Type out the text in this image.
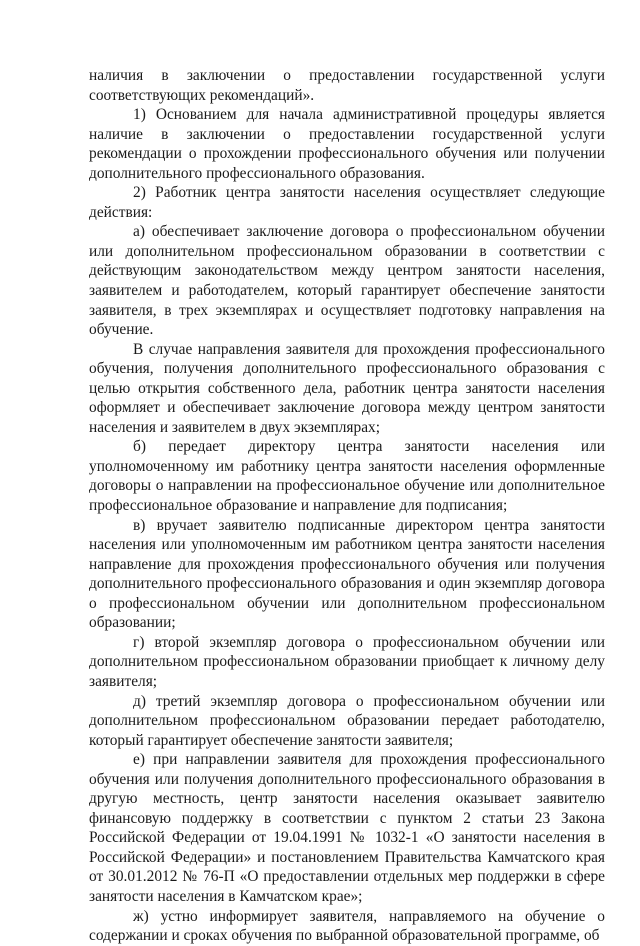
наличия в заключении о предоставлении государственной услуги соответствующих рекомендаций».

1) Основанием для начала административной процедуры является наличие в заключении о предоставлении государственной услуги рекомендации о прохождении профессионального обучения или получении дополнительного профессионального образования.

2) Работник центра занятости населения осуществляет следующие действия:

а) обеспечивает заключение договора о профессиональном обучении или дополнительном профессиональном образовании в соответствии с действующим законодательством между центром занятости населения, заявителем и работодателем, который гарантирует обеспечение занятости заявителя, в трех экземплярах и осуществляет подготовку направления на обучение.

В случае направления заявителя для прохождения профессионального обучения, получения дополнительного профессионального образования с целью открытия собственного дела, работник центра занятости населения оформляет и обеспечивает заключение договора между центром занятости населения и заявителем в двух экземплярах;

б) передает директору центра занятости населения или уполномоченному им работнику центра занятости населения оформленные договоры о направлении на профессиональное обучение или дополнительное профессиональное образование и направление для подписания;

в) вручает заявителю подписанные директором центра занятости населения или уполномоченным им работником центра занятости населения направление для прохождения профессионального обучения или получения дополнительного профессионального образования и один экземпляр договора о профессиональном обучении или дополнительном профессиональном образовании;

г) второй экземпляр договора о профессиональном обучении или дополнительном профессиональном образовании приобщает к личному делу заявителя;

д) третий экземпляр договора о профессиональном обучении или дополнительном профессиональном образовании передает работодателю, который гарантирует обеспечение занятости заявителя;

е) при направлении заявителя для прохождения профессионального обучения или получения дополнительного профессионального образования в другую местность, центр занятости населения оказывает заявителю финансовую поддержку в соответствии с пунктом 2 статьи 23 Закона Российской Федерации от 19.04.1991 № 1032-1 «О занятости населения в Российской Федерации» и постановлением Правительства Камчатского края от 30.01.2012 № 76-П «О предоставлении отдельных мер поддержки в сфере занятости населения в Камчатском крае»;

ж) устно информирует заявителя, направляемого на обучение о содержании и сроках обучения по выбранной образовательной программе, об
